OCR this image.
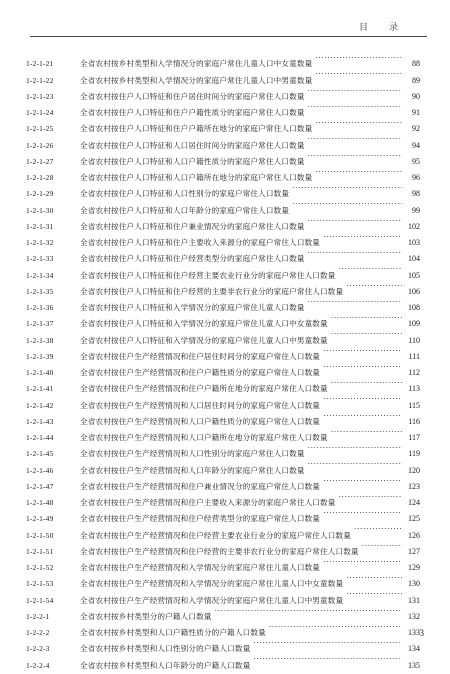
目　录
1-2-1-21	全省农村按乡村类型和入学情况分的家庭户常住儿童人口中女童数量 ·····	88
1-2-1-22	全省农村按乡村类型和入学情况分的家庭户常住儿童人口中男童数量 ·····	89
1-2-1-23	全省农村按住户人口特征和住户居住时间分的家庭户常住人口数量 ·····	90
1-2-1-24	全省农村按住户人口特征和住户户籍性质分的家庭户常住人口数量 ·····	91
1-2-1-25	全省农村按住户人口特征和住户户籍所在地分的家庭户常住人口数量 ·····	92
1-2-1-26	全省农村按住户人口特征和人口居住时间分的家庭户常住人口数量 ·····	94
1-2-1-27	全省农村按住户人口特征和人口户籍性质分的家庭户常住人口数量 ·····	95
1-2-1-28	全省农村按住户人口特征和人口户籍所在地分的家庭户常住人口数量 ·····	96
1-2-1-29	全省农村按住户人口特征和人口性别分的家庭户常住人口数量 ·····	98
1-2-1-30	全省农村按住户人口特征和人口年龄分的家庭户常住人口数量 ·····	99
1-2-1-31	全省农村按住户人口特征和住户兼业情况分的家庭户常住人口数量 ·····	102
1-2-1-32	全省农村按住户人口特征和住户主要收入来源分的家庭户常住人口数量 ·····	103
1-2-1-33	全省农村按住户人口特征和住户经营类型分的家庭户常住人口数量 ·····	104
1-2-1-34	全省农村按住户人口特征和住户经营主要农业行业分的家庭户常住人口数量 ·····	105
1-2-1-35	全省农村按住户人口特征和住户经营的主要非农行业分的家庭户常住人口数量 ·····	106
1-2-1-36	全省农村按住户人口特征和入学情况分的家庭户常住儿童人口数量 ·····	108
1-2-1-37	全省农村按住户人口特征和入学情况分的家庭户常住儿童人口中女童数量 ·····	109
1-2-1-38	全省农村按住户人口特征和入学情况分的家庭户常住儿童人口中男童数量 ·····	110
1-2-1-39	全省农村按住户生产经营情况和住户居住时间分的家庭户常住人口数量 ·····	111
1-2-1-40	全省农村按住户生产经营情况和住户户籍性质分的家庭户常住人口数量 ·····	112
1-2-1-41	全省农村按住户生产经营情况和住户户籍所在地分的家庭户常住人口数量 ·····	113
1-2-1-42	全省农村按住户生产经营情况和人口居住时间分的家庭户常住人口数量 ·····	115
1-2-1-43	全省农村按住户生产经营情况和人口户籍性质分的家庭户常住人口数量 ·····	116
1-2-1-44	全省农村按住户生产经营情况和人口户籍所在地分的家庭户常住人口数量 ·····	117
1-2-1-45	全省农村按住户生产经营情况和人口性别分的家庭户常住人口数量 ·····	119
1-2-1-46	全省农村按住户生产经营情况和人口年龄分的家庭户常住人口数量 ·····	120
1-2-1-47	全省农村按住户生产经营情况和住户兼业情况分的家庭户常住人口数量 ·····	123
1-2-1-48	全省农村按住户生产经营情况和住户主要收入来源分的家庭户常住人口数量 ·····	124
1-2-1-49	全省农村按住户生产经营情况和住户经营类型分的家庭户常住人口数量 ·····	125
1-2-1-50	全省农村按住户生产经营情况和住户经营主要农业行业分的家庭户常住人口数量 ·····	126
1-2-1-51	全省农村按住户生产经营情况和住户经营的主要非农行业分的家庭户常住人口数量 ·····	127
1-2-1-52	全省农村按住户生产经营情况和入学情况分的家庭户常住儿童人口数量 ·····	129
1-2-1-53	全省农村按住户生产经营情况和入学情况分的家庭户常住儿童人口中女童数量 ·····	130
1-2-1-54	全省农村按住户生产经营情况和入学情况分的家庭户常住儿童人口中男童数量 ·····	131
1-2-2-1	全省农村按乡村类型分的户籍人口数量 ·····	132
1-2-2-2	全省农村按乡村类型和人口户籍性质分的户籍人口数量 ·····	133
1-2-2-3	全省农村按乡村类型和人口性别分的户籍人口数量 ·····	134
1-2-2-4	全省农村按乡村类型和人口年龄分的户籍人口数量 ·····	135
3
